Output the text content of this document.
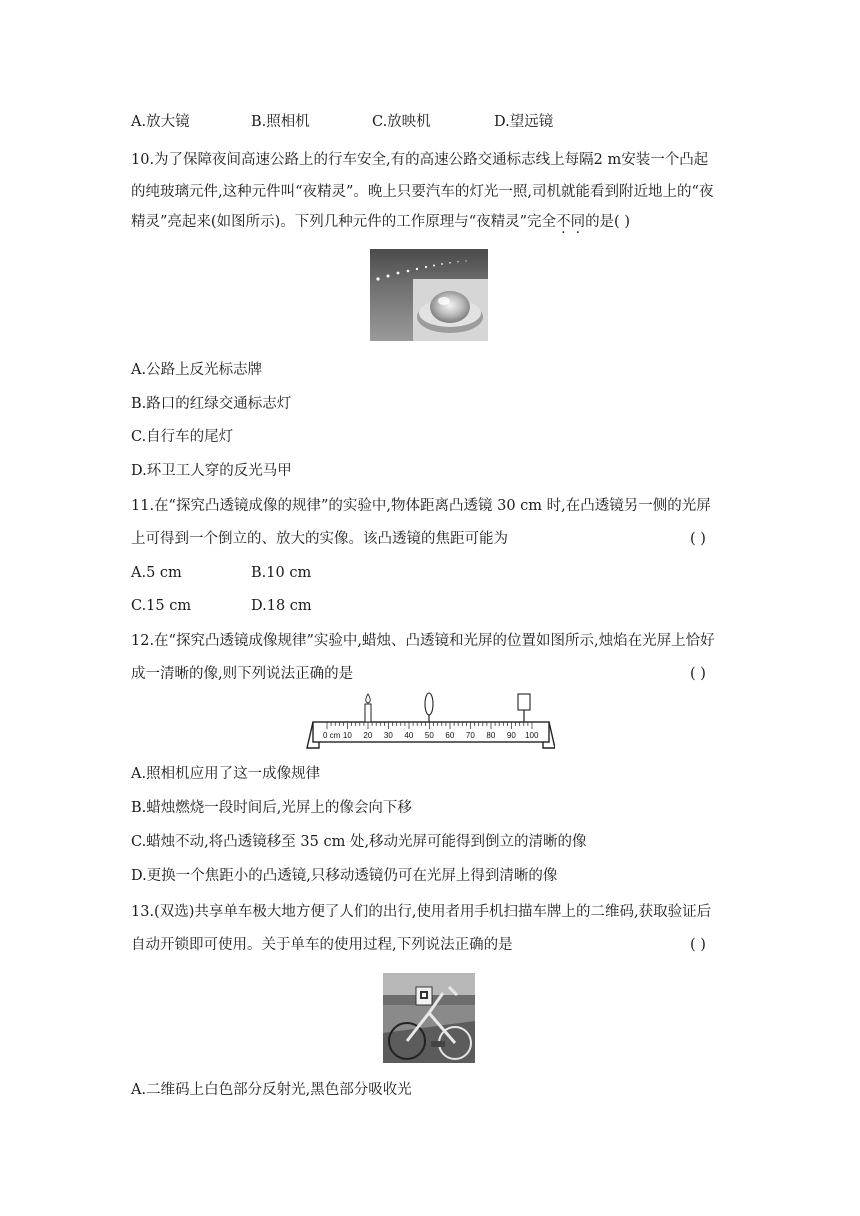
A.放大镜	B.照相机	C.放映机	D.望远镜
10.为了保障夜间高速公路上的行车安全,有的高速公路交通标志线上每隔2 m安装一个凸起
的纯玻璃元件,这种元件叫“夜精灵”。晚上只要汽车的灯光一照,司机就能看到附近地上的“夜
精灵”亮起来(如图所示)。下列几种元件的工作原理与“夜精灵”完全不同的是( )
A.公路上反光标志牌
B.路口的红绿交通标志灯
C.自行车的尾灯
D.环卫工人穿的反光马甲
11.在“探究凸透镜成像的规律”的实验中,物体距离凸透镜 30 cm 时,在凸透镜另一侧的光屏
上可得到一个倒立的、放大的实像。该凸透镜的焦距可能为	( )
A.5 cm	B.10 cm
C.15 cm	D.18 cm
12.在“探究凸透镜成像规律”实验中,蜡烛、凸透镜和光屏的位置如图所示,烛焰在光屏上恰好
成一清晰的像,则下列说法正确的是	( )
0 cm 10 20 30 40 50 60 70 80 90 100
A.照相机应用了这一成像规律
B.蜡烛燃烧一段时间后,光屏上的像会向下移
C.蜡烛不动,将凸透镜移至 35 cm 处,移动光屏可能得到倒立的清晰的像
D.更换一个焦距小的凸透镜,只移动透镜仍可在光屏上得到清晰的像
13.(双选)共享单车极大地方便了人们的出行,使用者用手机扫描车牌上的二维码,获取验证后
自动开锁即可使用。关于单车的使用过程,下列说法正确的是	( )
A.二维码上白色部分反射光,黑色部分吸收光
